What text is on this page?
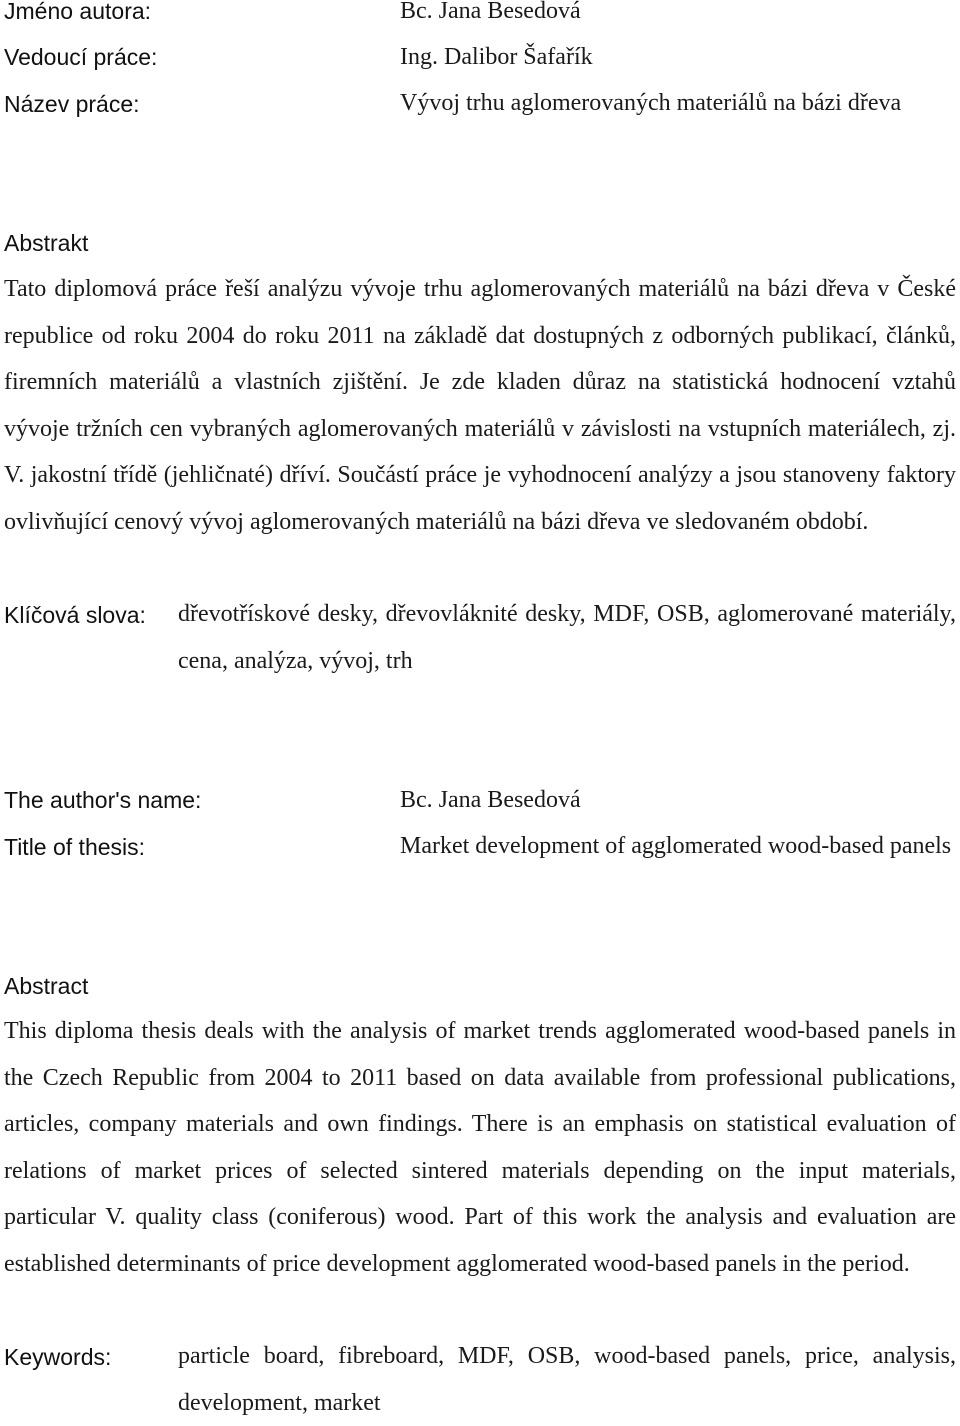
Jméno autora:	Bc. Jana Besedová
Vedoucí práce:	Ing. Dalibor Šafařík
Název práce:	Vývoj trhu aglomerovaných materiálů na bázi dřeva
Abstrakt
Tato diplomová práce řeší analýzu vývoje trhu aglomerovaných materiálů na bázi dřeva v České republice od roku 2004 do roku 2011 na základě dat dostupných z odborných publikací, článků, firemních materiálů a vlastních zjištění. Je zde kladen důraz na statistická hodnocení vztahů vývoje tržních cen vybraných aglomerovaných materiálů v závislosti na vstupních materiálech, zj. V. jakostní třídě (jehličnaté) dříví. Součástí práce je vyhodnocení analýzy a jsou stanoveny faktory ovlivňující cenový vývoj aglomerovaných materiálů na bázi dřeva ve sledovaném období.
Klíčová slova: dřevotřískové desky, dřevovláknité desky, MDF, OSB, aglomerované materiály, cena, analýza, vývoj, trh
The author's name:	Bc. Jana Besedová
Title of thesis:	Market development of agglomerated wood-based panels
Abstract
This diploma thesis deals with the analysis of market trends agglomerated wood-based panels in the Czech Republic from 2004 to 2011 based on data available from professional publications, articles, company materials and own findings. There is an emphasis on statistical evaluation of relations of market prices of selected sintered materials depending on the input materials, particular V. quality class (coniferous) wood. Part of this work the analysis and evaluation are established determinants of price development agglomerated wood-based panels in the period.
Keywords:	particle board, fibreboard, MDF, OSB, wood-based panels, price, analysis, development, market
